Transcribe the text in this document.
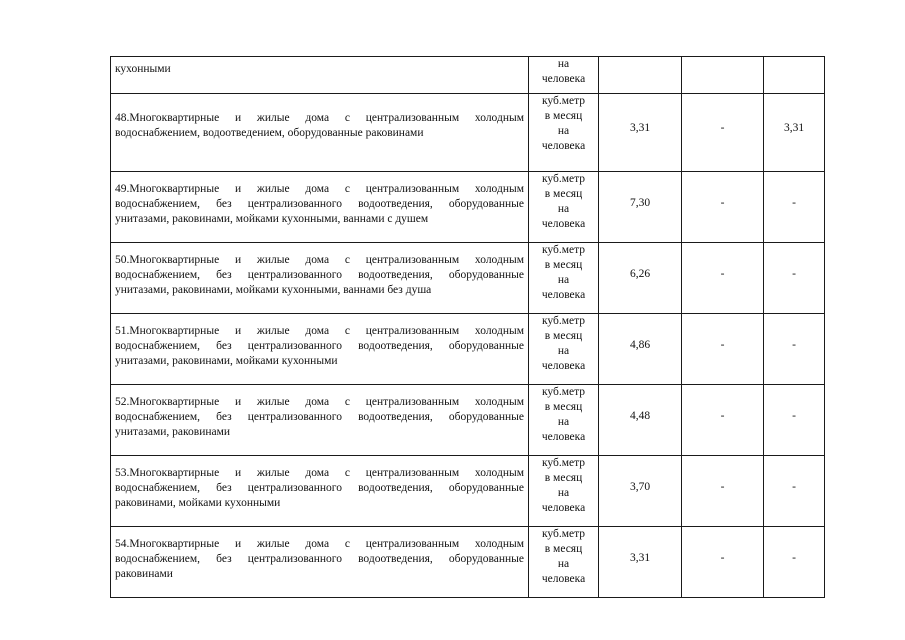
кухонными	на
человека			

48.Многоквартирные и жилые дома с централизованным холодным водоснабжением, водоотведением, оборудованные раковинами	куб.метр
в месяц
на
человека	3,31	-	3,31

49.Многоквартирные и жилые дома с централизованным холодным водоснабжением, без централизованного водоотведения, оборудованные унитазами, раковинами, мойками кухонными, ваннами с душем	куб.метр
в месяц
на
человека	7,30	-	-

50.Многоквартирные и жилые дома с централизованным холодным водоснабжением, без централизованного водоотведения, оборудованные унитазами, раковинами, мойками кухонными, ваннами без душа	куб.метр
в месяц
на
человека	6,26	-	-

51.Многоквартирные и жилые дома с централизованным холодным водоснабжением, без централизованного водоотведения, оборудованные унитазами, раковинами, мойками кухонными	куб.метр
в месяц
на
человека	4,86	-	-

52.Многоквартирные и жилые дома с централизованным холодным водоснабжением, без централизованного водоотведения, оборудованные унитазами, раковинами	куб.метр
в месяц
на
человека	4,48	-	-

53.Многоквартирные и жилые дома с централизованным холодным водоснабжением, без централизованного водоотведения, оборудованные раковинами, мойками кухонными	куб.метр
в месяц
на
человека	3,70	-	-

54.Многоквартирные и жилые дома с централизованным холодным водоснабжением, без централизованного водоотведения, оборудованные раковинами	куб.метр
в месяц
на
человека	3,31	-	-
